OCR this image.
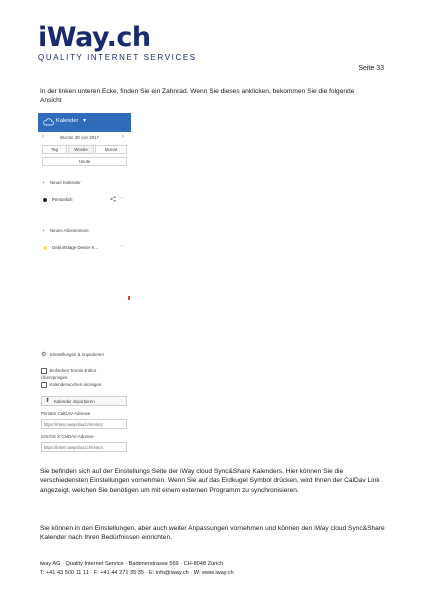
iWay.ch
QUALITY INTERNET SERVICES
Seite 33
In der linken unteren Ecke, finden Sie ein Zahnrad. Wenn Sie dieses anklicken, bekommen Sie die folgende Ansicht
Kalender ▾
‹	Woche 38 von 2017	›
Tag	Woche	Monat
Heute
+ Neuer Kalender
Persönlich	···
+ Neues Abonnement
Geburtstage Deiner K...	···
⚙ Einstellungen & Importieren
Einfachen Termin-Editor
Überspringen
Kalenderwochen anzeigen
⬆ Kalender importieren
Primäre CalDAV-Adresse
https://intern.iwaycloud.ch/remot
iOS/OS X CalDAV-Adresse
https://intern.iwaycloud.ch/remot
Sie befinden sich auf der Einstellungs Seite der iWay cloud Sync&Share Kalenders. Hier können Sie die verschiedensten Einstellungen vornehmen. Wenn Sie auf das Erdkugel Symbol drücken, wird Ihnen der CalDav Link angezeigt, welchen Sie benötigen um mit einem externen Programm zu synchronisieren.
Sie können in den Einstellungen, aber auch weiter Anpassungen vornehmen und können den iWay cloud Sync&Share Kalender nach Ihren Bedürfnissen einrichten.
iway AG · Quality Internet Service · Badenerstrasse 569 · CH-8048 Zürich
T: +41 43 500 11 11 · F: +41 44 271 35 35 · E: info@iway.ch · W: www.iway.ch
